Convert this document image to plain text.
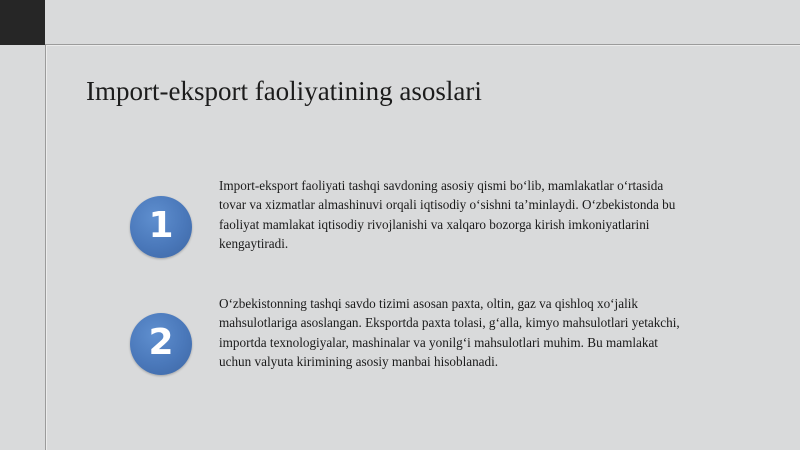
Import-eksport faoliyatining asoslari
1

Import-eksport faoliyati tashqi savdoning asosiy qismi boʻlib, mamlakatlar oʻrtasida tovar va xizmatlar almashinuvi orqali iqtisodiy oʻsishni taʼminlaydi. Oʻzbekistonda bu faoliyat mamlakat iqtisodiy rivojlanishi va xalqaro bozorga kirish imkoniyatlarini kengaytiradi.

2

Oʻzbekistonning tashqi savdo tizimi asosan paxta, oltin, gaz va qishloq xoʻjalik mahsulotlariga asoslangan. Eksportda paxta tolasi, gʻalla, kimyo mahsulotlari yetakchi, importda texnologiyalar, mashinalar va yonilgʻi mahsulotlari muhim. Bu mamlakat uchun valyuta kirimining asosiy manbai hisoblanadi.
